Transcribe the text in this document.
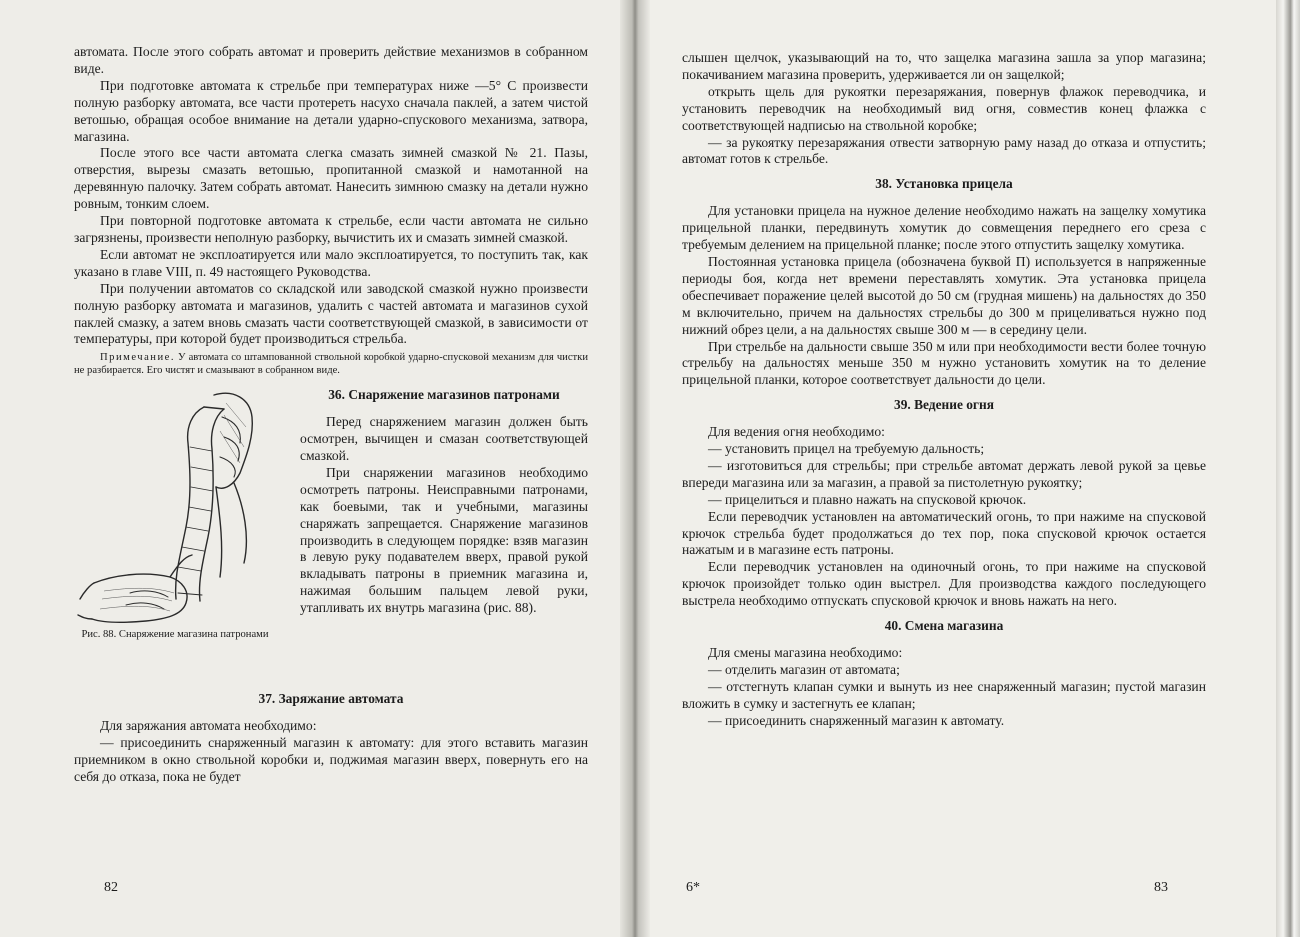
автомата. После этого собрать автомат и проверить действие механизмов в собранном виде.

При подготовке автомата к стрельбе при температурах ниже —5° С произвести полную разборку автомата, все части протереть насухо сначала паклей, а затем чистой ветошью, обращая особое внимание на детали ударно-спускового механизма, затвора, магазина.

После этого все части автомата слегка смазать зимней смазкой № 21. Пазы, отверстия, вырезы смазать ветошью, пропитанной смазкой и намотанной на деревянную палочку. Затем собрать автомат. Нанесить зимнюю смазку на детали нужно ровным, тонким слоем.

При повторной подготовке автомата к стрельбе, если части автомата не сильно загрязнены, произвести неполную разборку, вычистить их и смазать зимней смазкой.

Если автомат не эксплоатируется или мало эксплоатируется, то поступить так, как указано в главе VIII, п. 49 настоящего Руководства.

При получении автоматов со складской или заводской смазкой нужно произвести полную разборку автомата и магазинов, удалить с частей автомата и магазинов сухой паклей смазку, а затем вновь смазать части соответствующей смазкой, в зависимости от температуры, при которой будет производиться стрельба.

Примечание. У автомата со штампованной ствольной коробкой ударно-спусковой механизм для чистки не разбирается. Его чистят и смазывают в собранном виде.

Рис. 88. Снаряжение магазина патронами

36. Снаряжение магазинов патронами

Перед снаряжением магазин должен быть осмотрен, вычищен и смазан соответствующей смазкой.

При снаряжении магазинов необходимо осмотреть патроны. Неисправными патронами, как боевыми, так и учебными, магазины снаряжать запрещается. Снаряжение магазинов производить в следующем порядке: взяв магазин в левую руку подавателем вверх, правой рукой вкладывать патроны в приемник магазина и, нажимая большим пальцем левой руки, утапливать их внутрь магазина (рис. 88).

37. Заряжание автомата

Для заряжания автомата необходимо:

— присоединить снаряженный магазин к автомату: для этого вставить магазин приемником в окно ствольной коробки и, поджимая магазин вверх, повернуть его на себя до отказа, пока не будет

82

слышен щелчок, указывающий на то, что защелка магазина зашла за упор магазина; покачиванием магазина проверить, удерживается ли он защелкой;

открыть щель для рукоятки перезаряжания, повернув флажок переводчика, и установить переводчик на необходимый вид огня, совместив конец флажка с соответствующей надписью на ствольной коробке;

— за рукоятку перезаряжания отвести затворную раму назад до отказа и отпустить; автомат готов к стрельбе.

38. Установка прицела

Для установки прицела на нужное деление необходимо нажать на защелку хомутика прицельной планки, передвинуть хомутик до совмещения переднего его среза с требуемым делением на прицельной планке; после этого отпустить защелку хомутика.

Постоянная установка прицела (обозначена буквой П) используется в напряженные периоды боя, когда нет времени переставлять хомутик. Эта установка прицела обеспечивает поражение целей высотой до 50 см (грудная мишень) на дальностях до 350 м включительно, причем на дальностях стрельбы до 300 м прицеливаться нужно под нижний обрез цели, а на дальностях свыше 300 м — в середину цели.

При стрельбе на дальности свыше 350 м или при необходимости вести более точную стрельбу на дальностях меньше 350 м нужно установить хомутик на то деление прицельной планки, которое соответствует дальности до цели.

39. Ведение огня

Для ведения огня необходимо:

— установить прицел на требуемую дальность;

— изготовиться для стрельбы; при стрельбе автомат держать левой рукой за цевье впереди магазина или за магазин, а правой за пистолетную рукоятку;

— прицелиться и плавно нажать на спусковой крючок.

Если переводчик установлен на автоматический огонь, то при нажиме на спусковой крючок стрельба будет продолжаться до тех пор, пока спусковой крючок остается нажатым и в магазине есть патроны.

Если переводчик установлен на одиночный огонь, то при нажиме на спусковой крючок произойдет только один выстрел. Для производства каждого последующего выстрела необходимо отпускать спусковой крючок и вновь нажать на него.

40. Смена магазина

Для смены магазина необходимо:

— отделить магазин от автомата;

— отстегнуть клапан сумки и вынуть из нее снаряженный магазин; пустой магазин вложить в сумку и застегнуть ее клапан;

— присоединить снаряженный магазин к автомату.

6*	83
